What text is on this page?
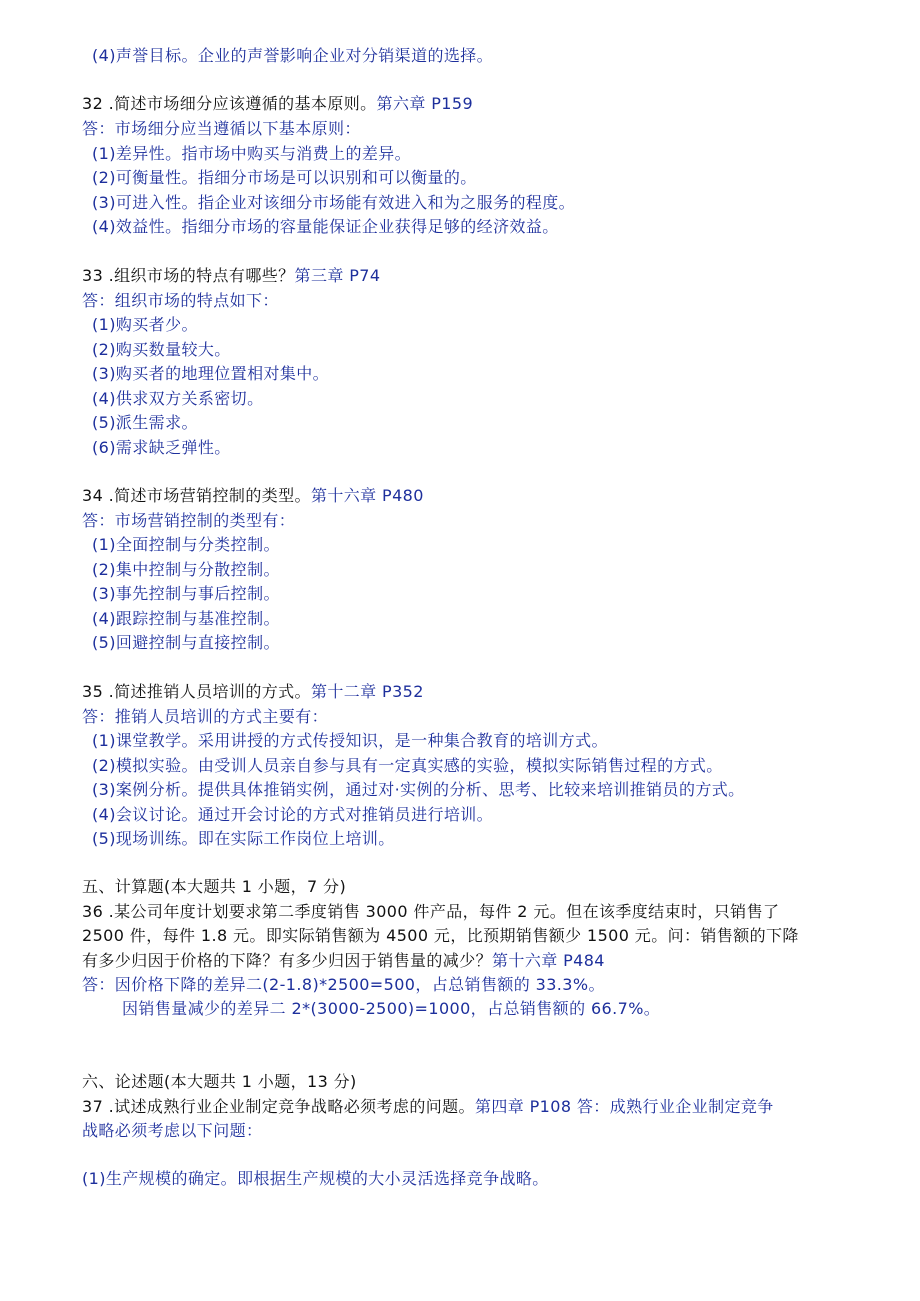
(4)声誉目标。企业的声誉影响企业对分销渠道的选择。
32 .简述市场细分应该遵循的基本原则。第六章 P159
答：市场细分应当遵循以下基本原则：
(1)差异性。指市场中购买与消费上的差异。
(2)可衡量性。指细分市场是可以识别和可以衡量的。
(3)可进入性。指企业对该细分市场能有效进入和为之服务的程度。
(4)效益性。指细分市场的容量能保证企业获得足够的经济效益。
33 .组织市场的特点有哪些？第三章 P74
答：组织市场的特点如下：
(1)购买者少。
(2)购买数量较大。
(3)购买者的地理位置相对集中。
(4)供求双方关系密切。
(5)派生需求。
(6)需求缺乏弹性。
34 .简述市场营销控制的类型。第十六章 P480
答：市场营销控制的类型有：
(1)全面控制与分类控制。
(2)集中控制与分散控制。
(3)事先控制与事后控制。
(4)跟踪控制与基准控制。
(5)回避控制与直接控制。
35 .简述推销人员培训的方式。第十二章 P352
答：推销人员培训的方式主要有：
(1)课堂教学。采用讲授的方式传授知识，是一种集合教育的培训方式。
(2)模拟实验。由受训人员亲自参与具有一定真实感的实验，模拟实际销售过程的方式。
(3)案例分析。提供具体推销实例，通过对·实例的分析、思考、比较来培训推销员的方式。
(4)会议讨论。通过开会讨论的方式对推销员进行培训。
(5)现场训练。即在实际工作岗位上培训。
五、计算题(本大题共 1 小题，7 分)
36 .某公司年度计划要求第二季度销售 3000 件产品，每件 2 元。但在该季度结束时，只销售了
2500 件，每件 1.8 元。即实际销售额为 4500 元，比预期销售额少 1500 元。问：销售额的下降
有多少归因于价格的下降？有多少归因于销售量的减少？第十六章 P484
答：因价格下降的差异二(2-1.8)*2500=500，占总销售额的 33.3%。
因销售量减少的差异二 2*(3000-2500)=1000，占总销售额的 66.7%。
六、论述题(本大题共 1 小题，13 分)
37 .试述成熟行业企业制定竞争战略必须考虑的问题。第四章 P108 答：成熟行业企业制定竞争
战略必须考虑以下问题：
(1)生产规模的确定。即根据生产规模的大小灵活选择竞争战略。
